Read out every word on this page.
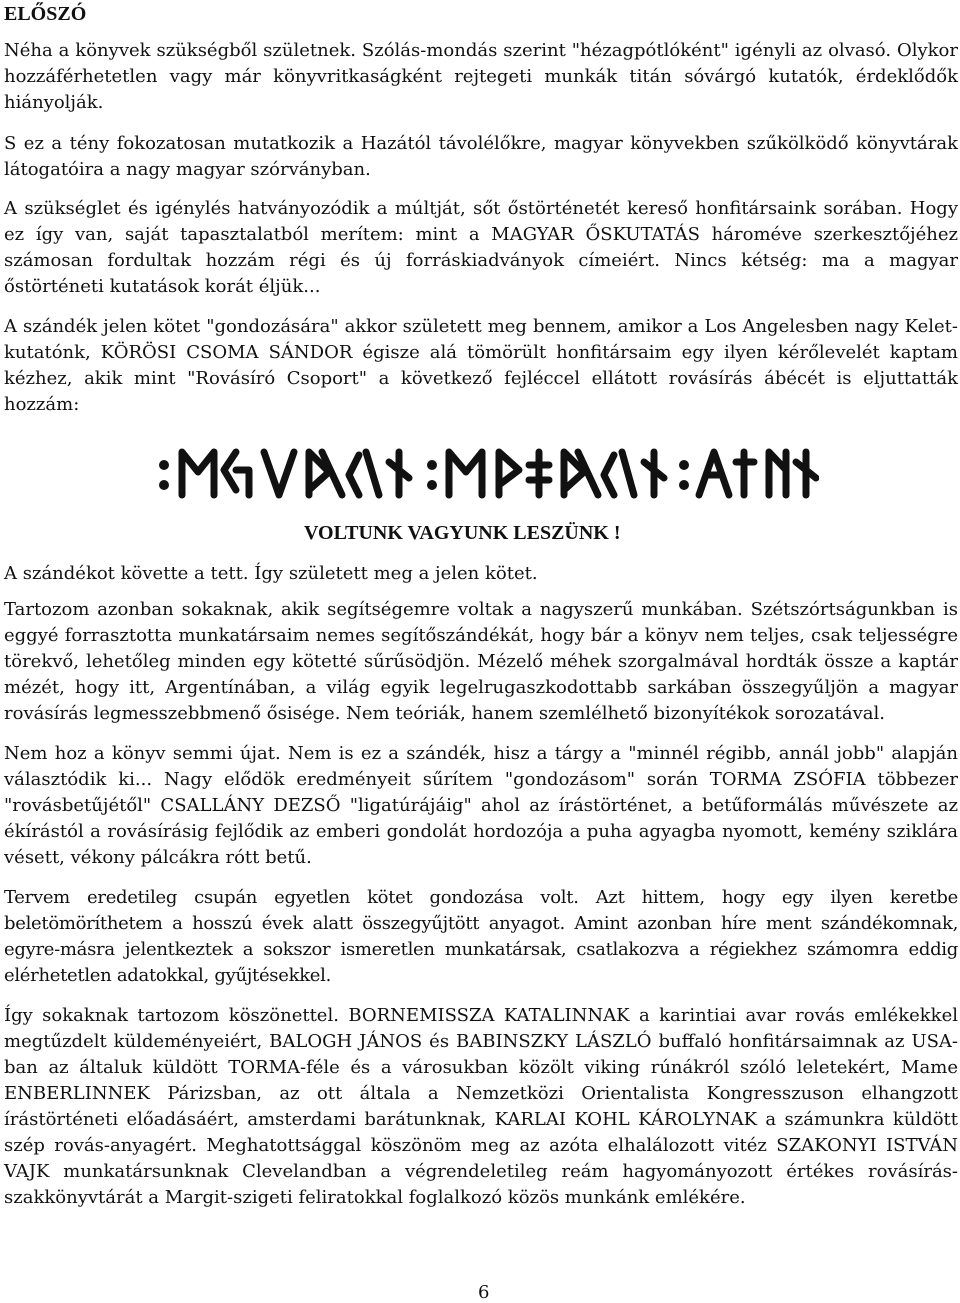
ELŐSZÓ

Néha a könyvek szükségből születnek. Szólás-mondás szerint "hézagpótlóként" igényli az olvasó. Olykor hozzáférhetetlen vagy már könyvritkaságként rejtegeti munkák titán sóvárgó kutatók, érdeklődők hiányolják.

S ez a tény fokozatosan mutatkozik a Hazától távolélőkre, magyar könyvekben szűkölködő könyvtárak látogatóira a nagy magyar szórványban.

A szükséglet és igénylés hatványozódik a múltját, sőt őstörténetét kereső honfitársaink sorában. Hogy ez így van, saját tapasztalatból merítem: mint a MAGYAR ŐSKUTATÁS hároméve szerkesztőjéhez számosan fordultak hozzám régi és új forráskiadványok címeiért. Nincs kétség: ma a magyar őstörténeti kutatások korát éljük...

A szándék jelen kötet "gondozására" akkor született meg bennem, amikor a Los Angelesben nagy Kelet-kutatónk, KÖRÖSI CSOMA SÁNDOR égisze alá tömörült honfitársaim egy ilyen kérőlevelét kaptam kézhez, akik mint "Rovásíró Csoport" a következő fejléccel ellátott rovásírás ábécét is eljuttatták hozzám:

VOLTUNK VAGYUNK LESZÜNK !
A szándékot követte a tett. Így született meg a jelen kötet.

Tartozom azonban sokaknak, akik segítségemre voltak a nagyszerű munkában. Szétszórtságunkban is eggyé forrasztotta munkatársaim nemes segítőszándékát, hogy bár a könyv nem teljes, csak teljességre törekvő, lehetőleg minden egy kötetté sűrűsödjön. Mézelő méhek szorgalmával hordták össze a kaptár mézét, hogy itt, Argentínában, a világ egyik legelrugaszkodottabb sarkában összegyűljön a magyar rovásírás legmesszebbmenő ősisége. Nem teóriák, hanem szemlélhető bizonyítékok sorozatával.

Nem hoz a könyv semmi újat. Nem is ez a szándék, hisz a tárgy a "minnél régibb, annál jobb" alapján választódik ki... Nagy elődök eredményeit sűrítem "gondozásom" során TORMA ZSÓFIA többezer "rovásbetűjétől" CSALLÁNY DEZSŐ "ligatúrájáig" ahol az írástörténet, a betűformálás művészete az ékírástól a rovásírásig fejlődik az emberi gondolát hordozója a puha agyagba nyomott, kemény sziklára vésett, vékony pálcákra rótt betű.

Tervem eredetileg csupán egyetlen kötet gondozása volt. Azt hittem, hogy egy ilyen keretbe beletömöríthetem a hosszú évek alatt összegyűjtött anyagot. Amint azonban híre ment szándékomnak, egyre-másra jelentkeztek a sokszor ismeretlen munkatársak, csatlakozva a régiekhez számomra eddig elérhetetlen adatokkal, gyűjtésekkel.

Így sokaknak tartozom köszönettel. BORNEMISSZA KATALINNAK a karintiai avar rovás emlékekkel megtűzdelt küldeményeiért, BALOGH JÁNOS és BABINSZKY LÁSZLÓ buffaló honfitársaimnak az USA-ban az általuk küldött TORMA-féle és a városukban közölt viking rúnákról szóló leletekért, Mame ENBERLINNEK Párizsban, az ott általa a Nemzetközi Orientalista Kongresszuson elhangzott írástörténeti előadásáért, amsterdami barátunknak, KARLAI KOHL KÁROLYNAK a számunkra küldött szép rovás-anyagért. Meghatottsággal köszönöm meg az azóta elhalálozott vitéz SZAKONYI ISTVÁN VAJK munkatársunknak Clevelandban a végrendeletileg reám hagyományozott értékes rovásírás-szakkönyvtárát a Margit-szigeti feliratokkal foglalkozó közös munkánk emlékére.

6
